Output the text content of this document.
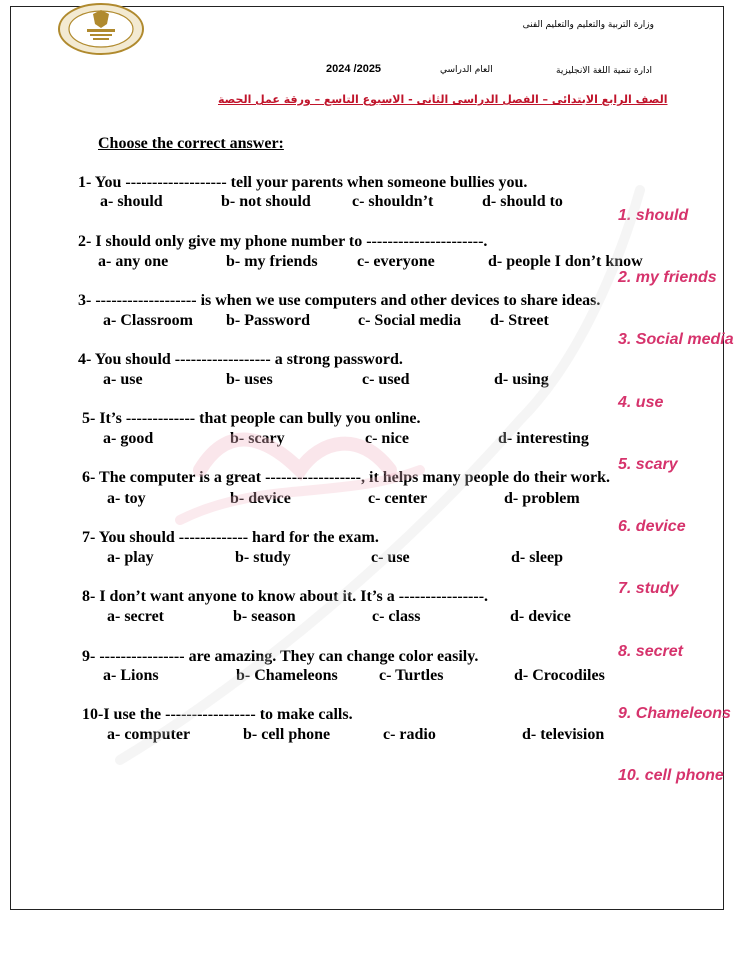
وزارة التربية والتعليم والتعليم الفنى
ادارة تنمية اللغة الانجليزية
العام الدراسي
2024 /2025
الصف الرابع الابتدائى – الفصل الدراسى الثانى - الاسبوع التاسع – ورقة عمل الحصة
Choose the correct answer:
1- You ------------------- tell your parents when someone bullies you.
a- should	b- not should	c- shouldn’t	d- should to
2- I should only give my phone number to ----------------------.
a- any one	b- my friends c- everyone	d- people I don’t know
3- ------------------- is when we use computers and other devices to share ideas.
a- Classroom b- Password	c- Social media d- Street
4- You should ------------------ a strong password.
a- use	b- uses	c- used	d- using
5- It’s ------------- that people can bully you online.
a- good	b- scary	c- nice	d- interesting
6- The computer is a great ------------------, it helps many people do their work.
a- toy	b- device	c- center	d- problem
7- You should ------------- hard for the exam.
a- play	b- study	c- use	d- sleep
8- I don’t want anyone to know about it. It’s a ----------------.
a- secret	b- season	c- class	d- device
9- ---------------- are amazing. They can change color easily.
a- Lions	b- Chameleons	c- Turtles	d- Crocodiles
10-I use the ----------------- to make calls.
a- computer	b- cell phone	c- radio	d- television
1. should
2. my friends
3. Social media
4. use
5. scary
6. device
7. study
8. secret
9. Chameleons
10. cell phone
